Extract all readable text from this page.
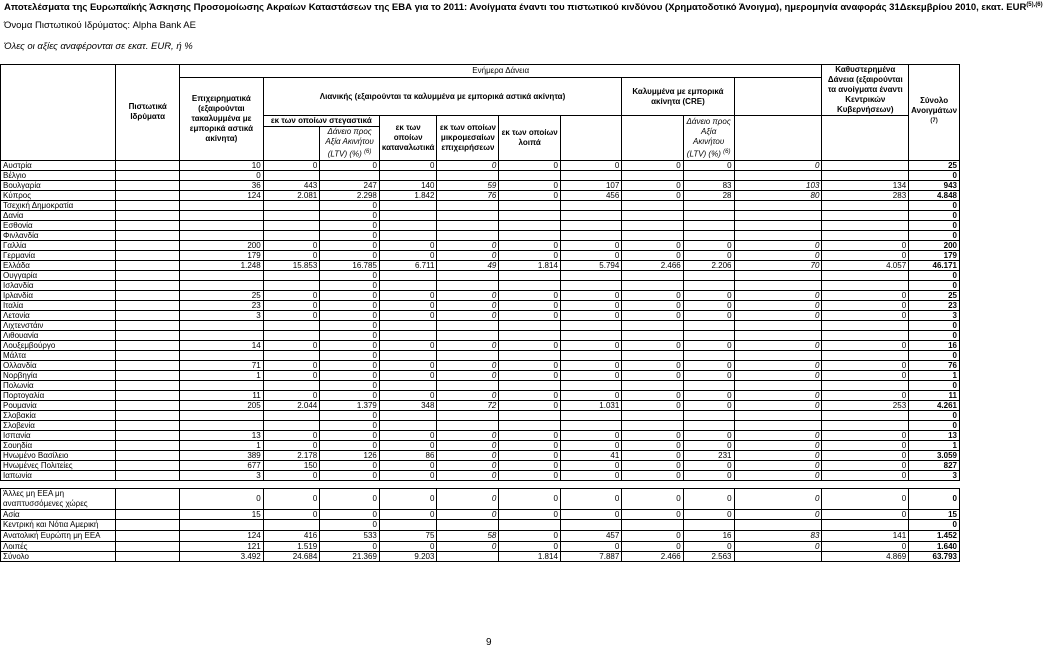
Αποτελέσματα της Ευρωπαϊκής Άσκησης Προσομοίωσης Ακραίων Καταστάσεων της ΕΒΑ για το 2011: Ανοίγματα έναντι του πιστωτικού κινδύνου (Χρηματοδοτικό Άνοιγμα), ημερομηνία αναφοράς 31Δεκεμβρίου 2010, εκατ. $EUR^{(5),(6)}$
Όνομα Πιστωτικού Ιδρύματος: Alpha Bank AE
Όλες οι αξίες αναφέρονται σε εκατ. EUR, ή %
	Πιστωτικά Ιδρύματα	Ενήμερα Δάνεια										Καθυστερημένα Δάνεια (εξαιρούνται τα ανοίγματα έναντι Κεντρικών Κυβερνήσεων)	Σύνολο Ανοιγμάτων $^{(7)}$
		Επιχειρηματικά (εξαιρούνται τακαλυμμένα με εμπορικά αστικά ακίνητα)	Λιανικής (εξαιρούνται τα καλυμμένα με εμπορικά αστικά ακίνητα)						Καλυμμένα με εμπορικά ακίνητα (CRE)				
			εκ των οποίων στεγαστικά		εκ των οποίων καταναλωτικά	εκ των οποίων μικρομεσαίων επιχειρήσεων	εκ των οποίων λοιπά			Δάνειο προς Αξία Ακινήτου (LTV) (%) $^{(6)}$	
				Δάνειο προς Αξία Ακινήτου (LTV) (%) $^{(6)}$
Αυστρία		10	0	0	0	0	0	0	0	0	0		25
Βέλγιο		0											0
Βουλγαρία		36	443	247	140	59	0	107	0	83	103	134	943
Κύπρος		124	2.081	2.298	1.842	76	0	456	0	28	80	283	4.848
Τσεχική Δημοκρατία				0									0
Δανία				0									0
Εσθονία				0									0
Φινλανδία				0									0
Γαλλία		200	0	0	0	0	0	0	0	0	0	0	200
Γερμανία		179	0	0	0	0	0	0	0	0	0	0	179
Ελλάδα		1.248	15.853	16.785	6.711	49	1.814	5.794	2.466	2.206	70	4.057	46.171
Ουγγαρία				0									0
Ισλανδία				0									0
Ιρλανδία		25	0	0	0	0	0	0	0	0	0	0	25
Ιταλία		23	0	0	0	0	0	0	0	0	0	0	23
Λετονία		3	0	0	0	0	0	0	0	0	0	0	3
Λιχτενστάιν				0									0
Λιθουανία				0									0
Λουξεμβούργο		14	0	0	0	0	0	0	0	0	0	0	16
Μάλτα				0									0
Ολλανδία		71	0	0	0	0	0	0	0	0	0	0	76
Νορβηγία		1	0	0	0	0	0	0	0	0	0	0	1
Πολωνία				0									0
Πορτογαλία		11	0	0	0	0	0	0	0	0	0	0	11
Ρουμανία		205	2.044	1.379	348	72	0	1.031	0	0	0	253	4.261
Σλοβακία				0									0
Σλοβενία				0									0
Ισπανία		13	0	0	0	0	0	0	0	0	0	0	13
Σουηδία		1	0	0	0	0	0	0	0	0	0	0	1
Ηνωμένο Βασίλειο		389	2.178	126	86	0	0	41	0	231	0	0	3.059
Ηνωμένες Πολιτείες		677	150	0	0	0	0	0	0	0	0	0	827
Ιαπωνία		3	0	0	0	0	0	0	0	0	0	0	3

Άλλες μη ΕΕΑ μη αναπτυσσόμενες χώρες		0	0	0	0	0	0	0	0	0	0	0	0
Ασία		15	0	0	0	0	0	0	0	0	0	0	15
Κεντρική και Νότια Αμερική				0									0
Ανατολική Ευρώπη μη ΕΕΑ		124	416	533	75	58	0	457	0	16	83	141	1.452
Λοιπές		121	1.519	0	0	0	0	0	0	0	0	0	1.640
Σύνολο		3.492	24.684	21.369	9.203		1.814	7.887	2.466	2.563		4.869	63.793
9
